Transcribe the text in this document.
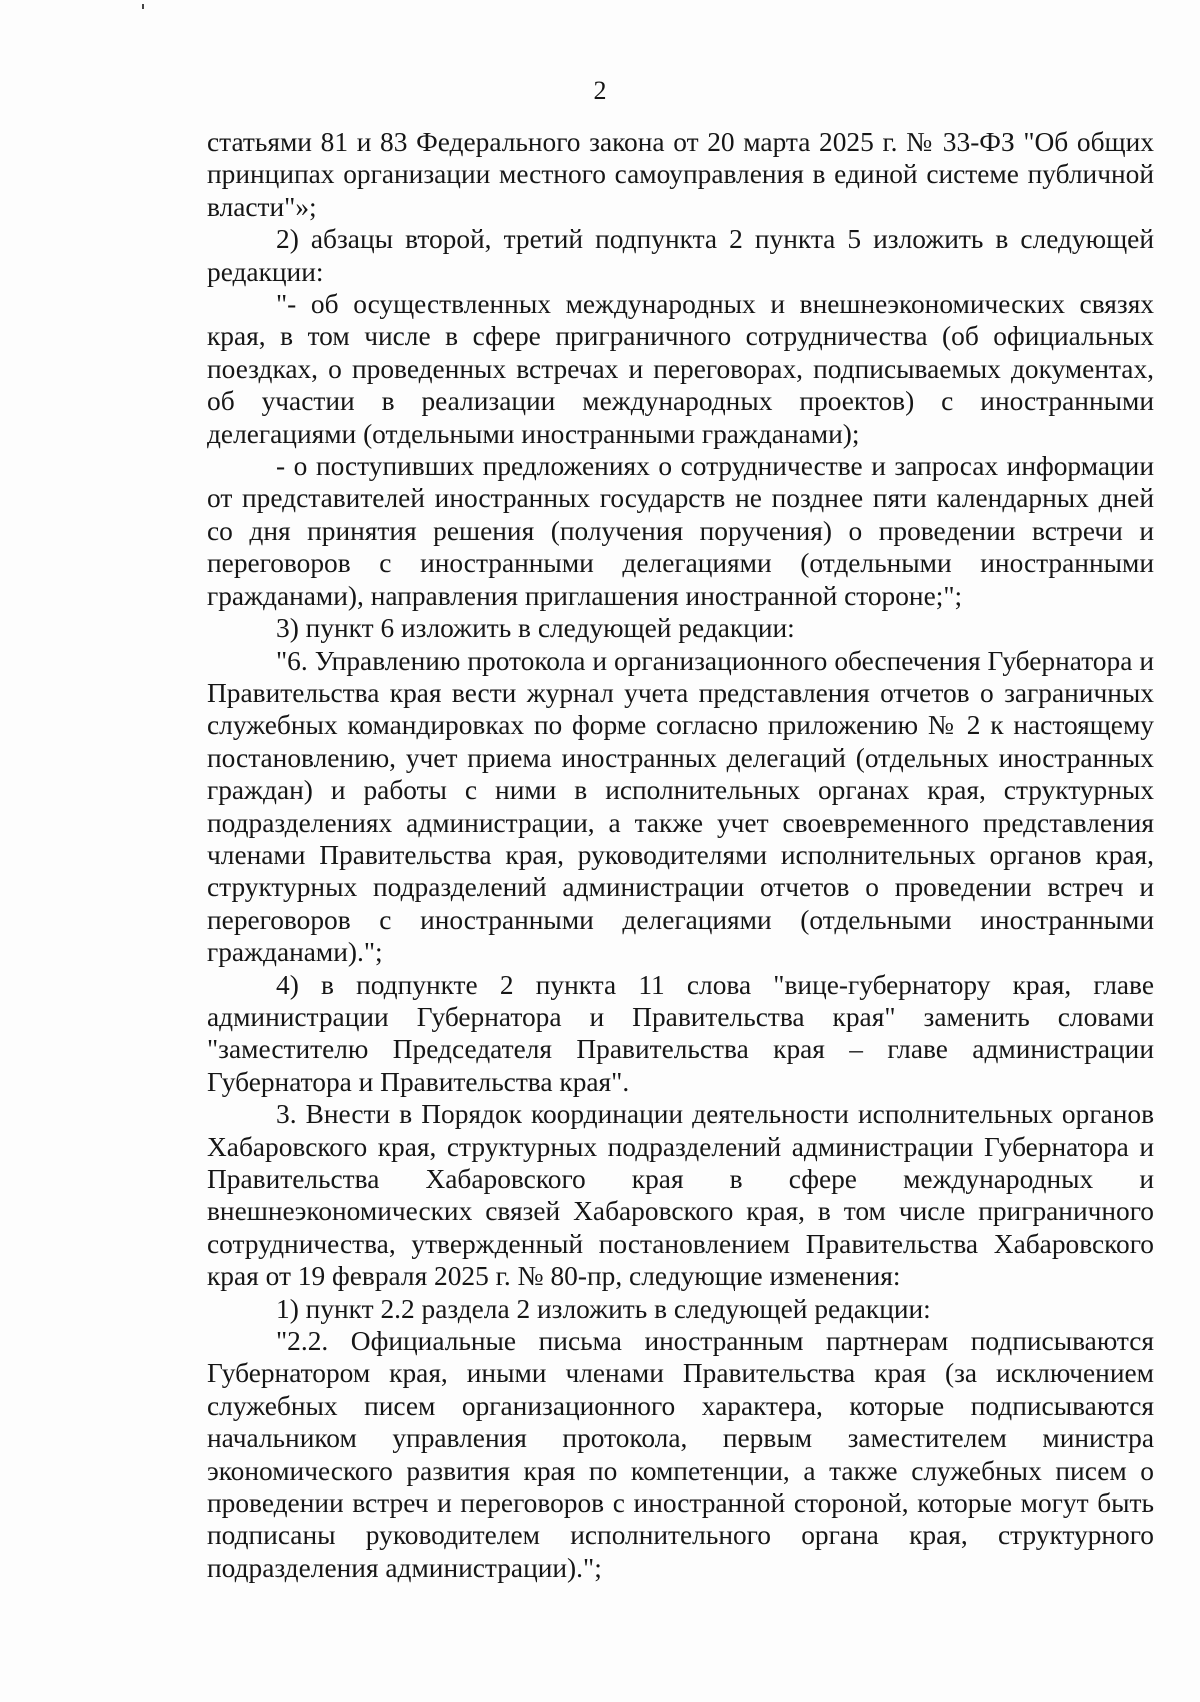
2

статьями 81 и 83 Федерального закона от 20 марта 2025 г. № 33-ФЗ "Об общих принципах организации местного самоуправления в единой системе публичной власти"»;

2) абзацы второй, третий подпункта 2 пункта 5 изложить в следующей редакции:

"- об осуществленных международных и внешнеэкономических связях края, в том числе в сфере приграничного сотрудничества (об официальных поездках, о проведенных встречах и переговорах, подписываемых документах, об участии в реализации международных проектов) с иностранными делегациями (отдельными иностранными гражданами);

- о поступивших предложениях о сотрудничестве и запросах информации от представителей иностранных государств не позднее пяти календарных дней со дня принятия решения (получения поручения) о проведении встречи и переговоров с иностранными делегациями (отдельными иностранными гражданами), направления приглашения иностранной стороне;";

3) пункт 6 изложить в следующей редакции:

"6. Управлению протокола и организационного обеспечения Губернатора и Правительства края вести журнал учета представления отчетов о заграничных служебных командировках по форме согласно приложению № 2 к настоящему постановлению, учет приема иностранных делегаций (отдельных иностранных граждан) и работы с ними в исполнительных органах края, структурных подразделениях администрации, а также учет своевременного представления членами Правительства края, руководителями исполнительных органов края, структурных подразделений администрации отчетов о проведении встреч и переговоров с иностранными делегациями (отдельными иностранными гражданами).";

4) в подпункте 2 пункта 11 слова "вице-губернатору края, главе администрации Губернатора и Правительства края" заменить словами "заместителю Председателя Правительства края – главе администрации Губернатора и Правительства края".

3. Внести в Порядок координации деятельности исполнительных органов Хабаровского края, структурных подразделений администрации Губернатора и Правительства Хабаровского края в сфере международных и внешнеэкономических связей Хабаровского края, в том числе приграничного сотрудничества, утвержденный постановлением Правительства Хабаровского края от 19 февраля 2025 г. № 80-пр, следующие изменения:

1) пункт 2.2 раздела 2 изложить в следующей редакции:

"2.2. Официальные письма иностранным партнерам подписываются Губернатором края, иными членами Правительства края (за исключением служебных писем организационного характера, которые подписываются начальником управления протокола, первым заместителем министра экономического развития края по компетенции, а также служебных писем о проведении встреч и переговоров с иностранной стороной, которые могут быть подписаны руководителем исполнительного органа края, структурного подразделения администрации).";
